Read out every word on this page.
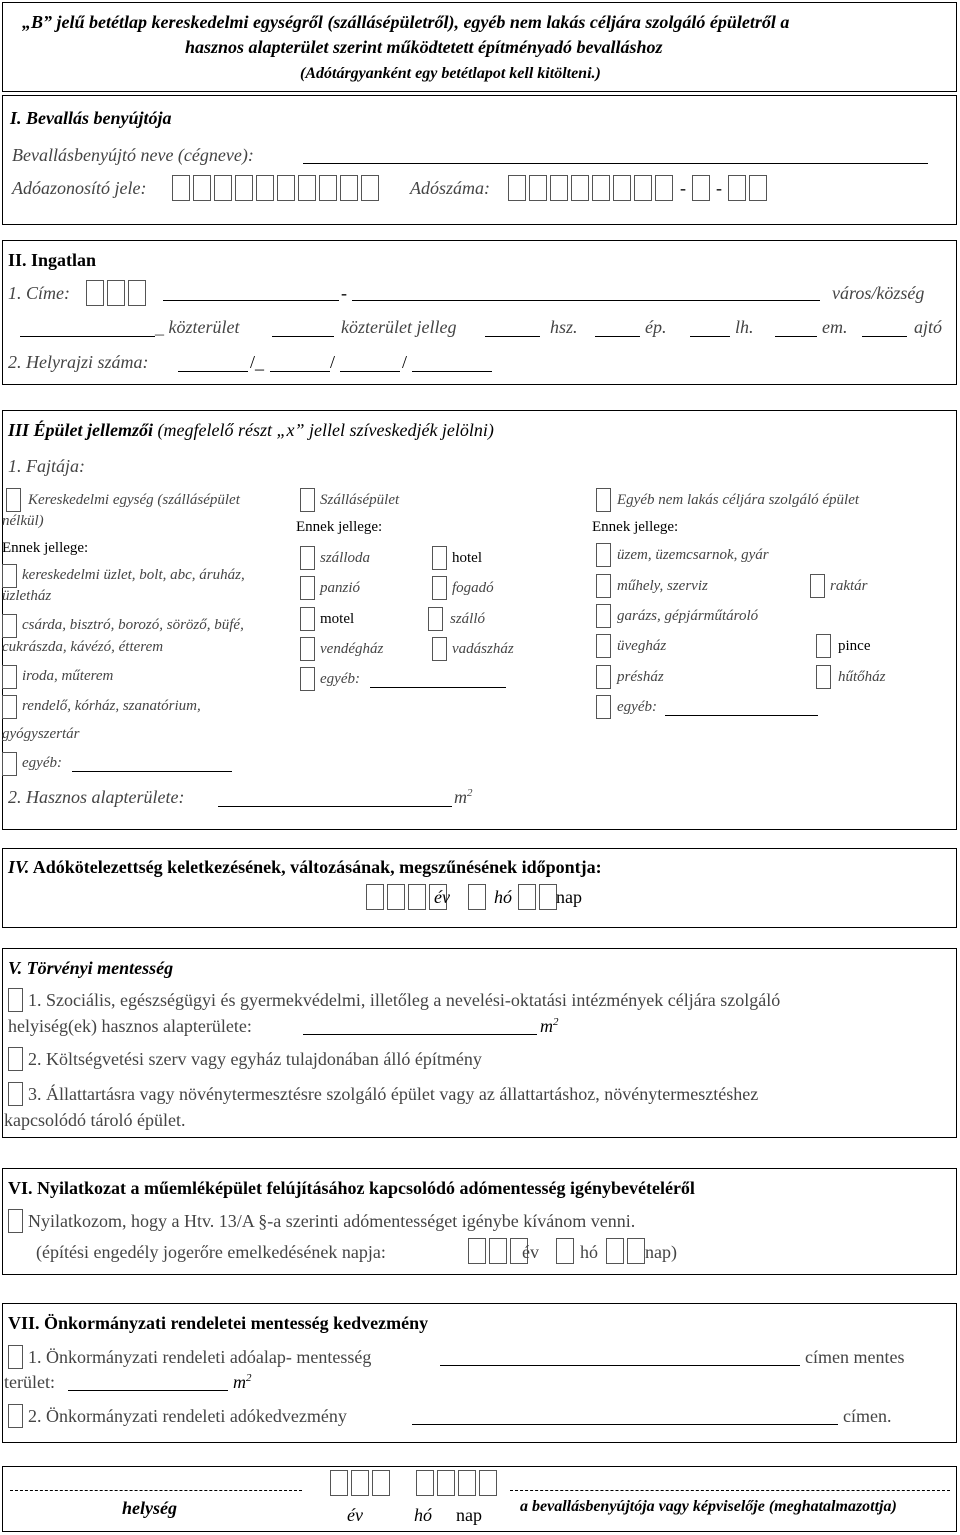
„B” jelű betétlap kereskedelmi egységről (szállásépületről), egyéb nem lakás céljára szolgáló épületről a
hasznos alapterület szerint működtetett építményadó bevalláshoz
(Adótárgyanként egy betétlapot kell kitölteni.)
I. Bevallás benyújtója
Bevallásbenyújtó neve (cégneve):
Adóazonosító jele:	Adószáma:	- -
II. Ingatlan
1. Címe:	-	város/község
_ közterület	közterület jelleg	hsz.	ép.	lh.	em.	ajtó
2. Helyrajzi száma:	/_	/	/
III Épület jellemzői (megfelelő részt „x” jellel szíveskedjék jelölni)
1. Fajtája:
Kereskedelmi egység (szállásépület
nélkül)
Ennek jellege:
kereskedelmi üzlet, bolt, abc, áruház,
üzletház
csárda, bisztró, borozó, söröző, büfé,
cukrászda, kávézó, étterem
iroda, műterem
rendelő, kórház, szanatórium,
gyógyszertár
egyéb:
Szállásépület
Ennek jellege:
szálloda	hotel
panzió	fogadó
motel	szálló
vendégház	vadászház
egyéb:
Egyéb nem lakás céljára szolgáló épület
Ennek jellege:
üzem, üzemcsarnok, gyár
műhely, szerviz	raktár
garázs, gépjárműtároló
üvegház	pince
présház	hűtőház
egyéb:
2. Hasznos alapterülete:	$m^2$
IV. Adókötelezettség keletkezésének, változásának, megszűnésének időpontja:
év hó nap
V. Törvényi mentesség
1. Szociális, egészségügyi és gyermekvédelmi, illetőleg a nevelési-oktatási intézmények céljára szolgáló
helyiség(ek) hasznos alapterülete:	$m^2$
2. Költségvetési szerv vagy egyház tulajdonában álló építmény
3. Állattartásra vagy növénytermesztésre szolgáló épület vagy az állattartáshoz, növénytermesztéshez
kapcsolódó tároló épület.
VI. Nyilatkozat a műemléképület felújításához kapcsolódó adómentesség igénybevételéről
Nyilatkozom, hogy a Htv. 13/A §-a szerinti adómentességet igénybe kívánom venni.
(építési engedély jogerőre emelkedésének napja:	év hó	nap)
VII. Önkormányzati rendeletei mentesség kedvezmény
1. Önkormányzati rendeleti adóalap- mentesség	címen mentes
terület:	$m^2$
2. Önkormányzati rendeleti adókedvezmény	címen.
helység	év	hó nap a bevallásbenyújtója vagy képviselője (meghatalmazottja)
